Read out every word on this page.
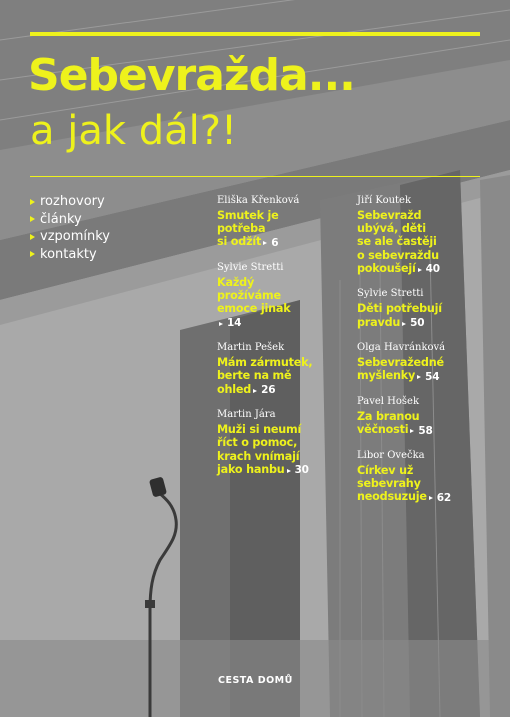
Sebevražda...
a jak dál?!
rozhovory
články
vzpomínky
kontakty
Eliška Křenková
Smutek je
potřeba
si odžít 6
Sylvie Stretti
Každý
prožíváme
emoce jinak
14
Martin Pešek
Mám zármutek,
berte na mě
ohled 26
Martin Jára
Muži si neumí
říct o pomoc,
krach vnímají
jako hanbu 30
Jiří Koutek
Sebevražd
ubývá, děti
se ale častěji
o sebevraždu
pokoušejí 40
Sylvie Stretti
Děti potřebují
pravdu 50
Olga Havránková
Sebevražedné
myšlenky 54
Pavel Hošek
Za branou
věčnosti 58
Libor Ovečka
Církev už
sebevrahy
neodsuzuje 62
CESTA DOMŮ
